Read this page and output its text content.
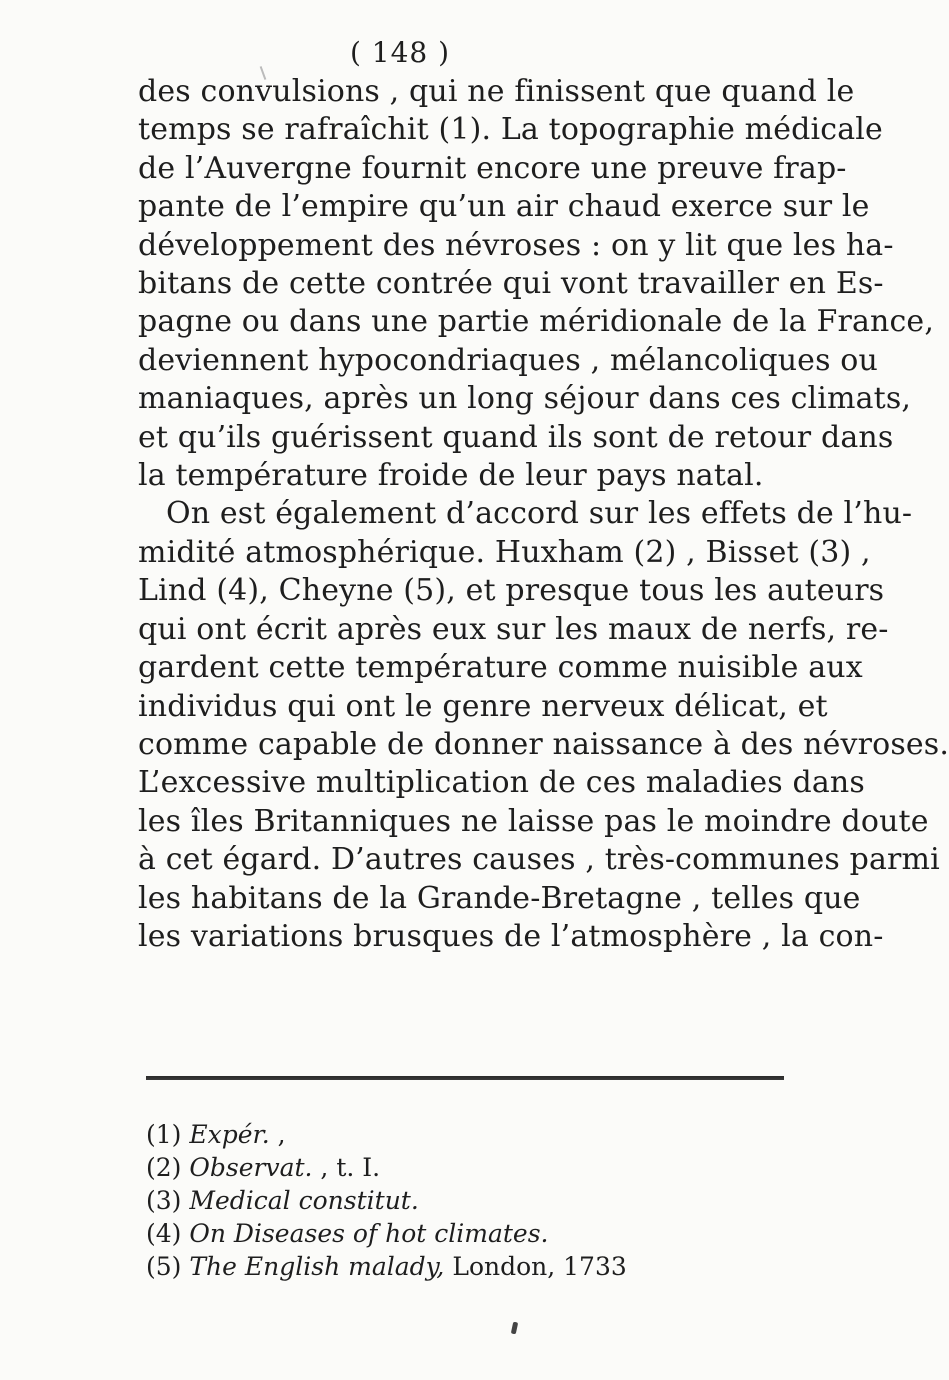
( 148 )
des convulsions , qui ne finissent que quand le
temps se rafraîchit (1). La topographie médicale
de l’Auvergne fournit encore une preuve frap-
pante de l’empire qu’un air chaud exerce sur le
développement des névroses : on y lit que les ha-
bitans de cette contrée qui vont travailler en Es-
pagne ou dans une partie méridionale de la France,
deviennent hypocondriaques , mélancoliques ou
maniaques, après un long séjour dans ces climats,
et qu’ils guérissent quand ils sont de retour dans
la température froide de leur pays natal.
On est également d’accord sur les effets de l’hu-
midité atmosphérique. Huxham (2) , Bisset (3) ,
Lind (4), Cheyne (5), et presque tous les auteurs
qui ont écrit après eux sur les maux de nerfs, re-
gardent cette température comme nuisible aux
individus qui ont le genre nerveux délicat, et
comme capable de donner naissance à des névroses.
L’excessive multiplication de ces maladies dans
les îles Britanniques ne laisse pas le moindre doute
à cet égard. D’autres causes , très-communes parmi
les habitans de la Grande-Bretagne , telles que
les variations brusques de l’atmosphère , la con-
(1) Expér. ,
(2) Observat. , t. I.
(3) Medical constitut.
(4) On Diseases of hot climates.
(5) The English malady, London, 1733
